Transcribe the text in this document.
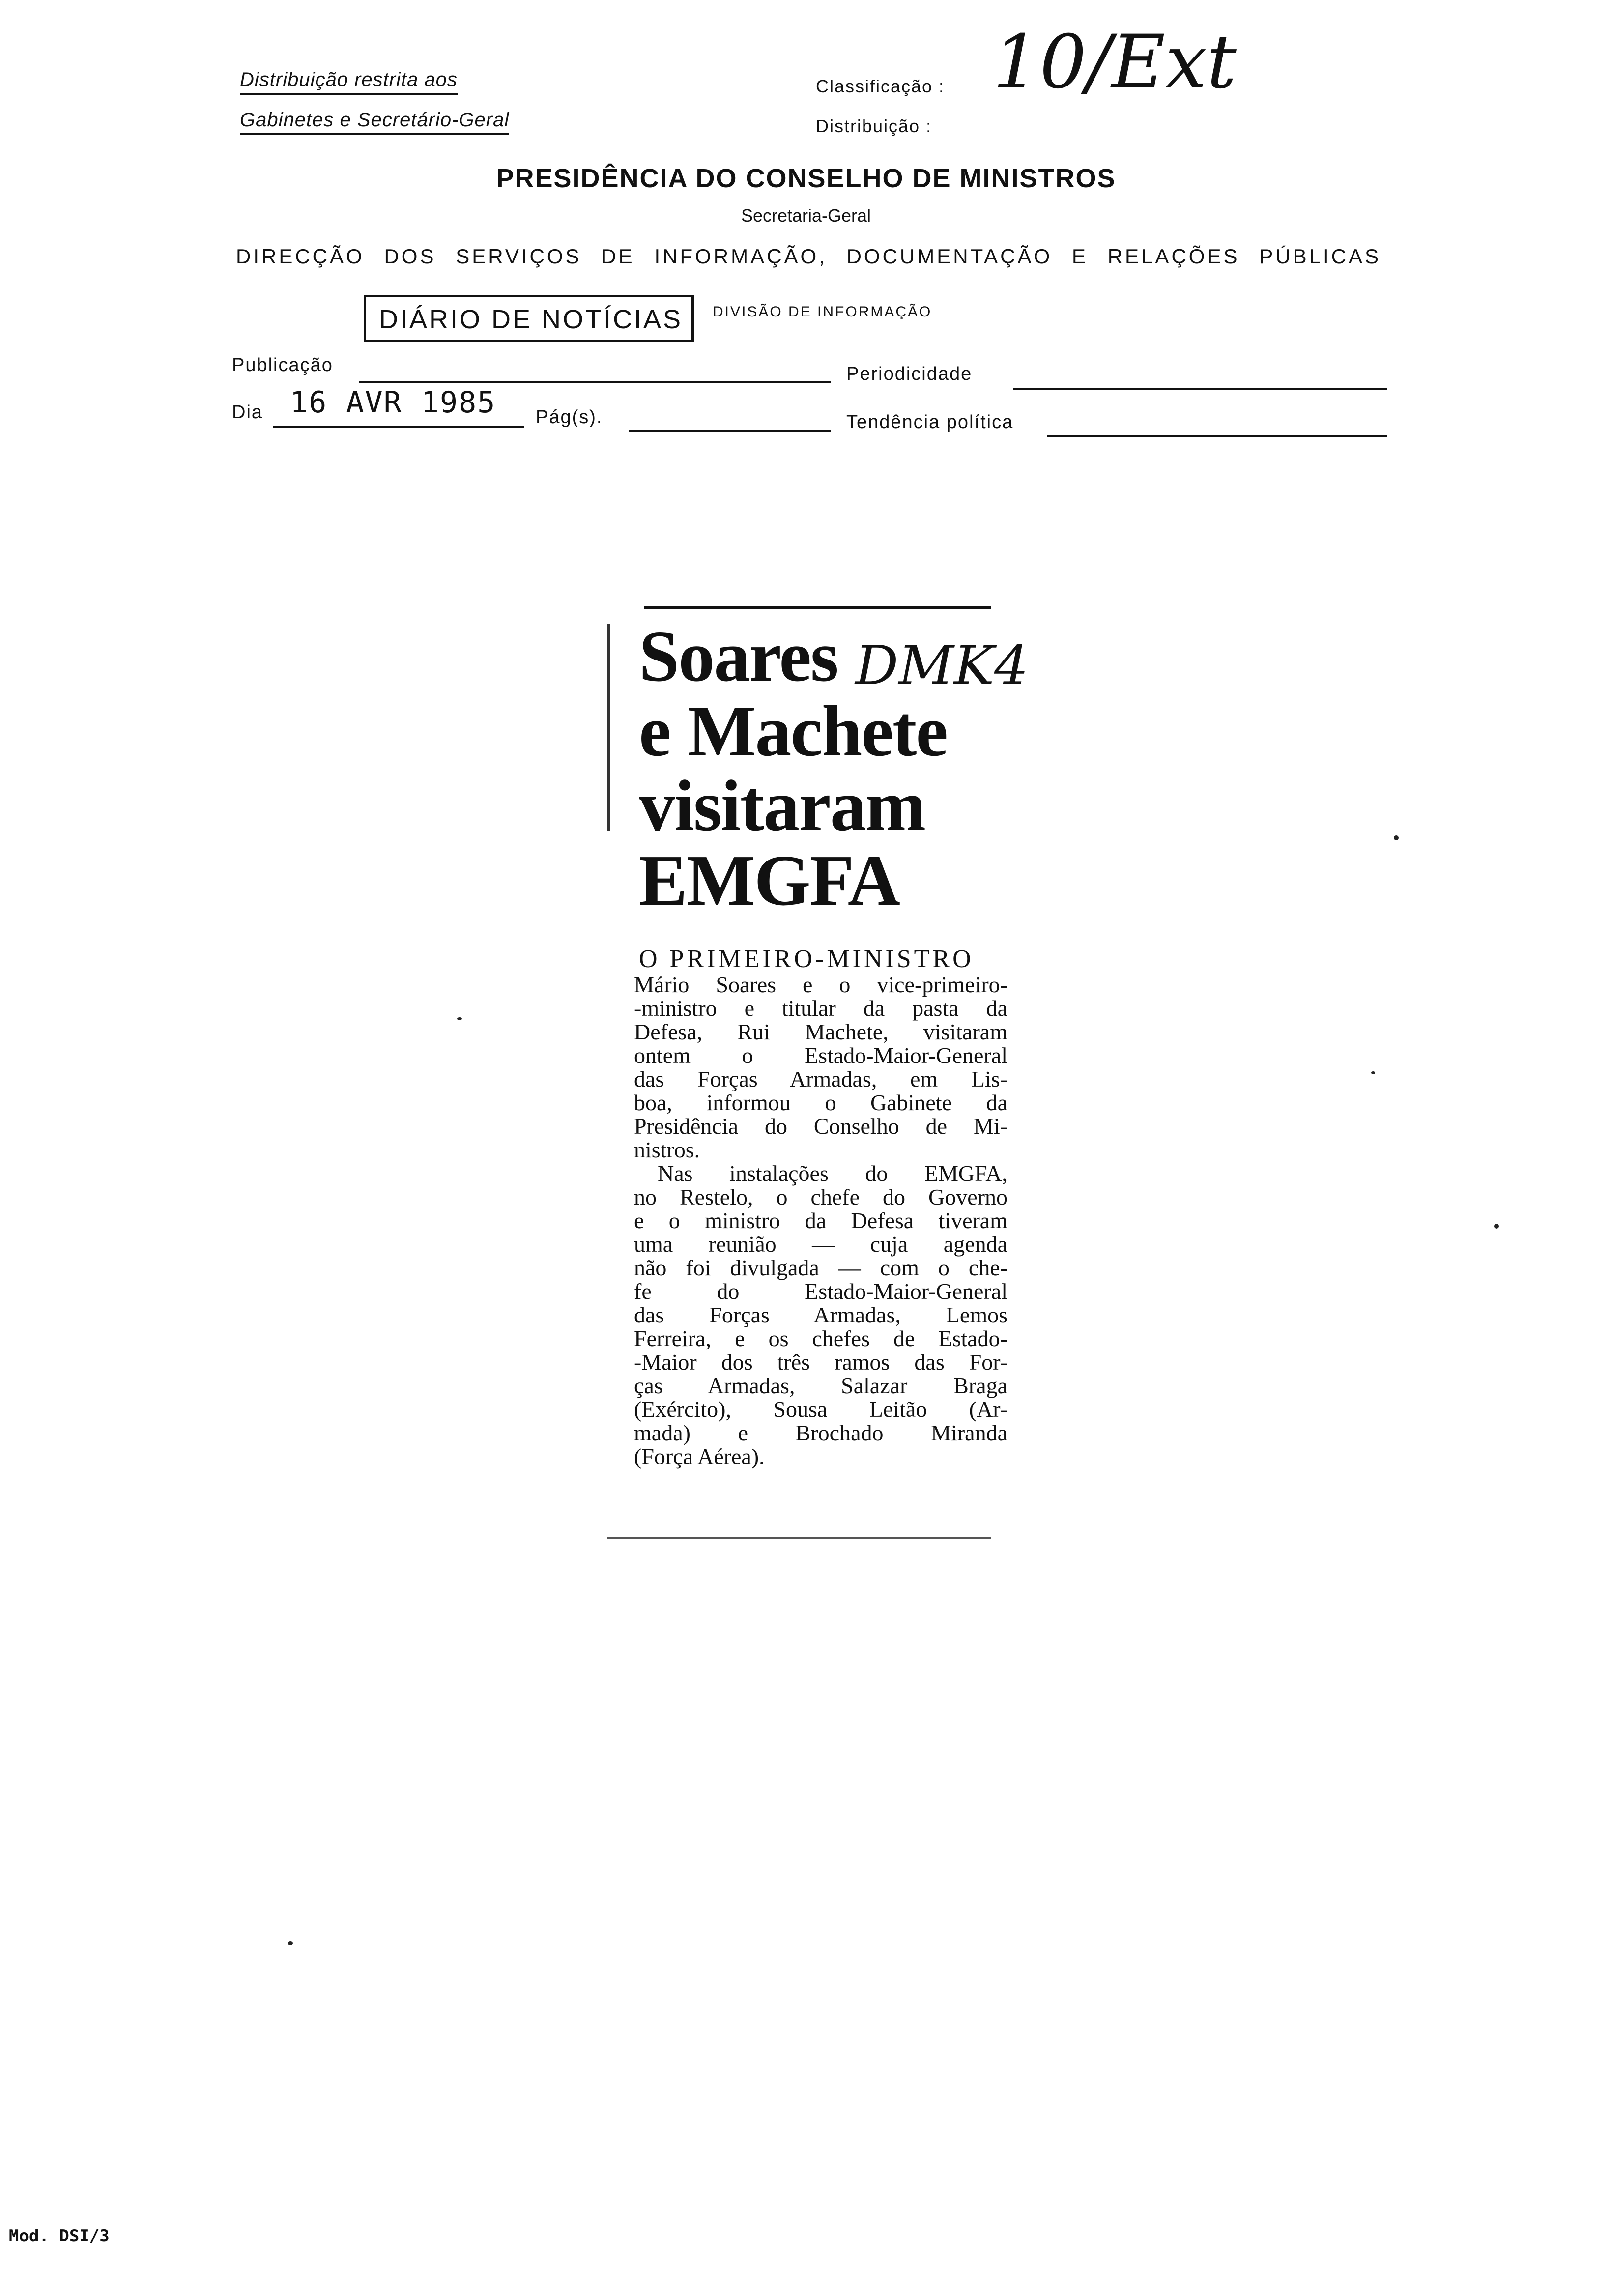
Distribuição restrita aos
Gabinetes e Secretário-Geral
Classificação :
Distribuição :
10/Ext
PRESIDÊNCIA DO CONSELHO DE MINISTROS
Secretaria-Geral
DIRECÇÃO DOS SERVIÇOS DE INFORMAÇÃO, DOCUMENTAÇÃO E RELAÇÕES PÚBLICAS
DIÁRIO DE NOTÍCIAS	DIVISÃO DE INFORMAÇÃO
Publicação	Periodicidade
Dia 16 AVR 1985 Pág(s).	Tendência política
Soares DMK4
e Machete
visitaram
EMGFA
O PRIMEIRO-MINISTRO
Mário Soares e o vice-primeiro-
-ministro e titular da pasta da
Defesa, Rui Machete, visitaram
ontem o Estado-Maior-General
das Forças Armadas, em Lis-
boa, informou o Gabinete da
Presidência do Conselho de Mi-
nistros.
Nas instalações do EMGFA,
no Restelo, o chefe do Governo
e o ministro da Defesa tiveram
uma reunião — cuja agenda
não foi divulgada — com o che-
fe do Estado-Maior-General
das Forças Armadas, Lemos
Ferreira, e os chefes de Estado-
-Maior dos três ramos das For-
ças Armadas, Salazar Braga
(Exército), Sousa Leitão (Ar-
mada) e Brochado Miranda
(Força Aérea).
Mod. DSI/3
